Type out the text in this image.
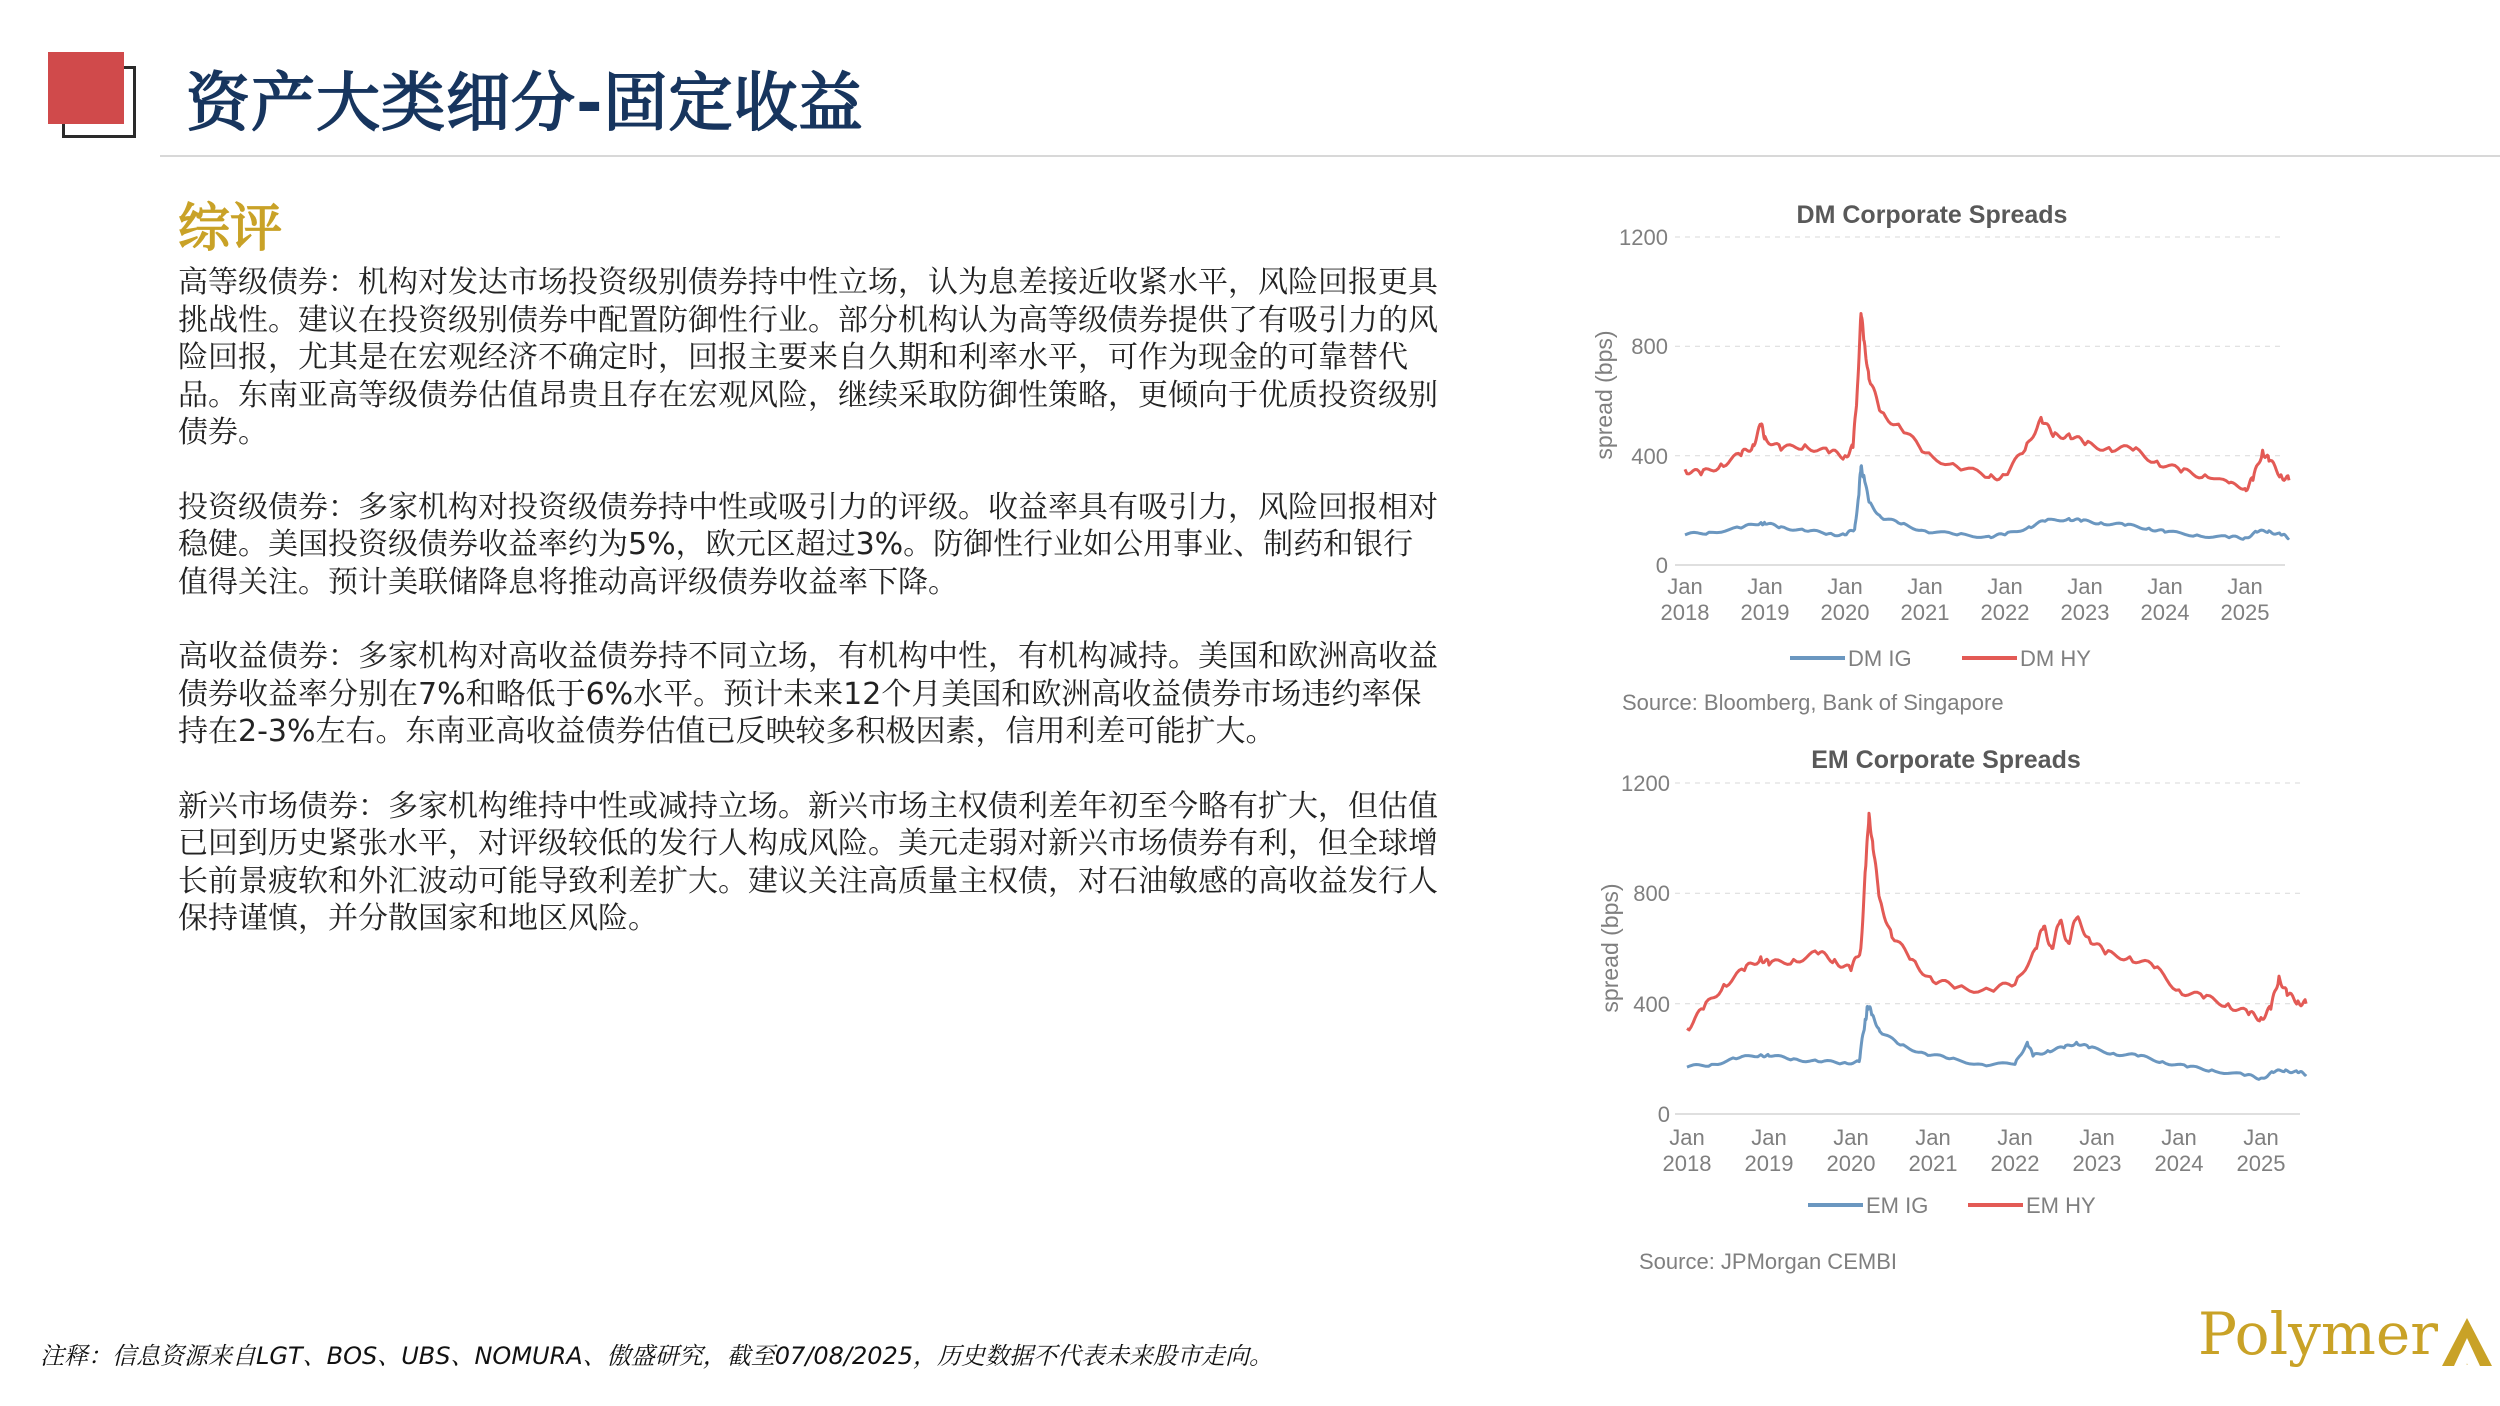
资产大类细分-固定收益
综评

高等级债券：机构对发达市场投资级别债券持中性立场，认为息差接近收紧水平，风险回报更具挑战性。建议在投资级别债券中配置防御性行业。部分机构认为高等级债券提供了有吸引力的风险回报，尤其是在宏观经济不确定时，回报主要来自久期和利率水平，可作为现金的可靠替代品。东南亚高等级债券估值昂贵且存在宏观风险，继续采取防御性策略，更倾向于优质投资级别债券。

投资级债券：多家机构对投资级债券持中性或吸引力的评级。收益率具有吸引力，风险回报相对稳健。美国投资级债券收益率约为5%，欧元区超过3%。防御性行业如公用事业、制药和银行值得关注。预计美联储降息将推动高评级债券收益率下降。

高收益债券：多家机构对高收益债券持不同立场，有机构中性，有机构减持。美国和欧洲高收益债券收益率分别在7%和略低于6%水平。预计未来12个月美国和欧洲高收益债券市场违约率保持在2-3%左右。东南亚高收益债券估值已反映较多积极因素，信用利差可能扩大。

新兴市场债券：多家机构维持中性或减持立场。新兴市场主权债利差年初至今略有扩大，但估值已回到历史紧张水平，对评级较低的发行人构成风险。美元走弱对新兴市场债券有利，但全球增长前景疲软和外汇波动可能导致利差扩大。建议关注高质量主权债，对石油敏感的高收益发行人保持谨慎，并分散国家和地区风险。

DM Corporate Spreads
spread (bps)
1200
800
400
0
Jan
2018
Jan
2019
Jan
2020
Jan
2021
Jan
2022
Jan
2023
Jan
2024
Jan
2025
DM IG	DM HY
Source: Bloomberg, Bank of Singapore
EM Corporate Spreads
spread (bps)
1200
800
400
0
Jan
2018
Jan
2019
Jan
2020
Jan
2021
Jan
2022
Jan
2023
Jan
2024
Jan
2025
EM IG	EM HY
Source: JPMorgan CEMBI
注释：信息资源来自LGT、BOS、UBS、NOMURA、傲盛研究，截至07/08/2025，历史数据不代表未来股市走向。	Polymer	A
